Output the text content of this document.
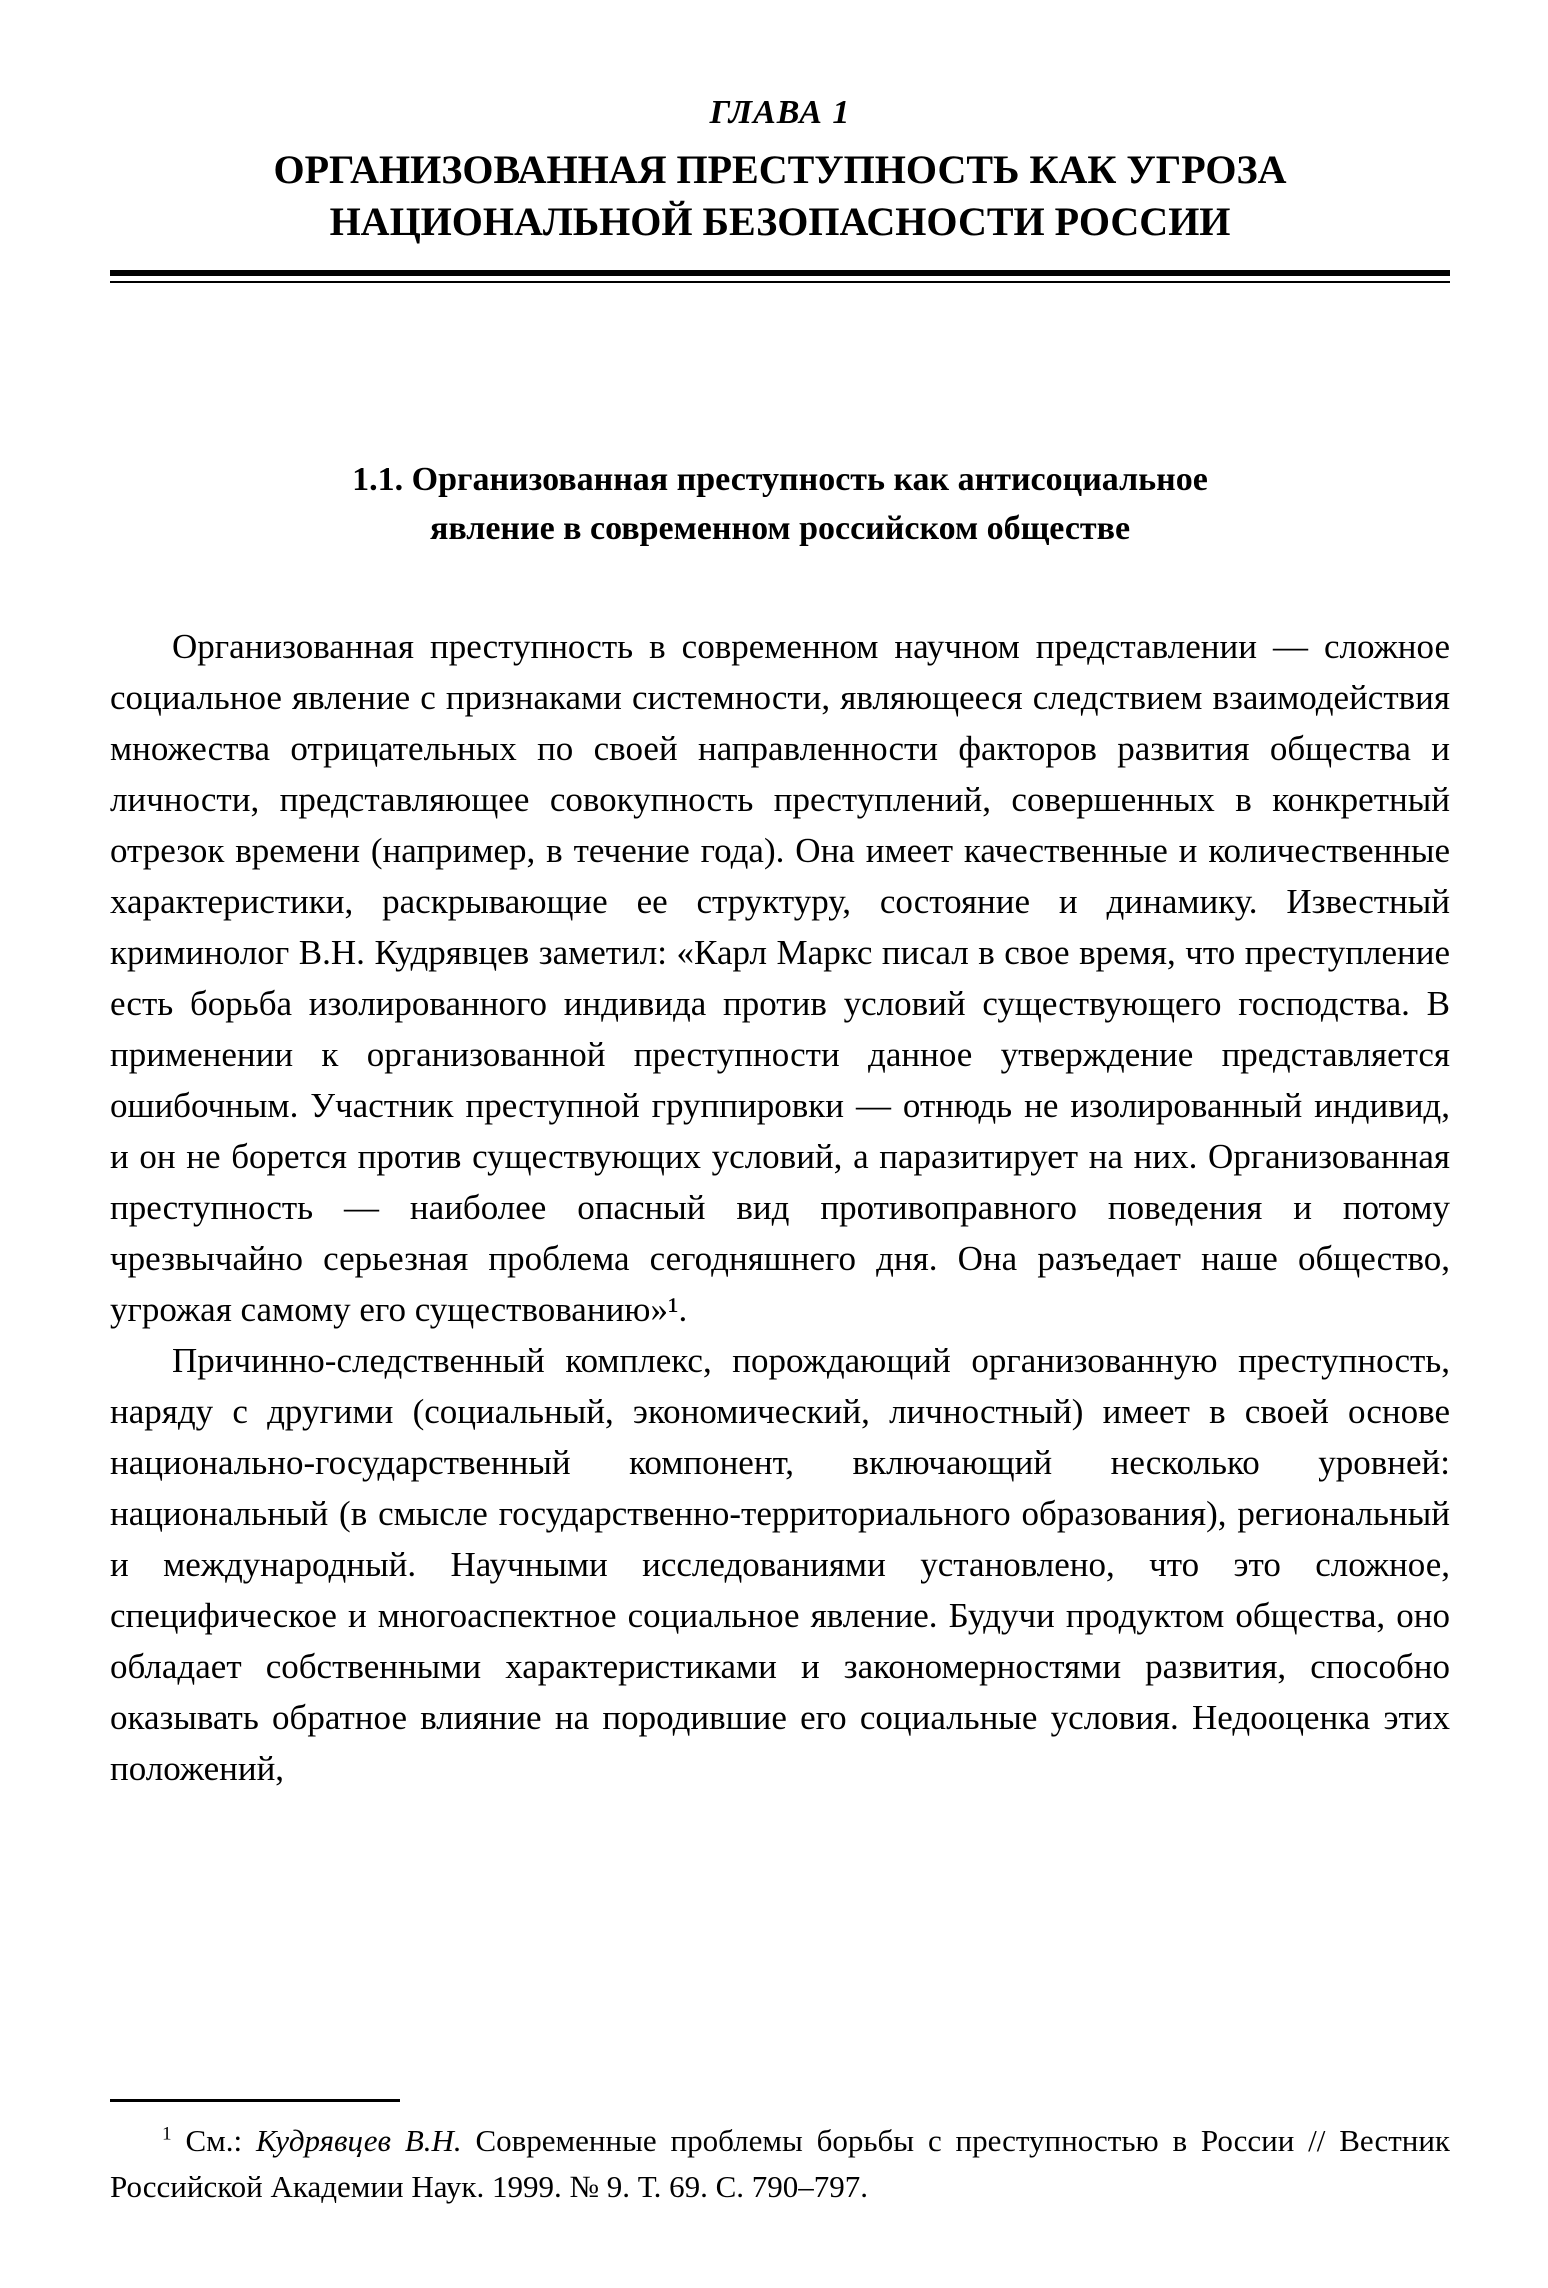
ГЛАВА 1
ОРГАНИЗОВАННАЯ ПРЕСТУПНОСТЬ КАК УГРОЗА
НАЦИОНАЛЬНОЙ БЕЗОПАСНОСТИ РОССИИ
1.1. Организованная преступность как антисоциальное
явление в современном российском обществе

Организованная преступность в современном научном представлении — сложное социальное явление с признаками системности, являющееся следствием взаимодействия множества отрицательных по своей направленности факторов развития общества и личности, представляющее совокупность преступлений, совершенных в конкретный отрезок времени (например, в течение года). Она имеет качественные и количественные характеристики, раскрывающие ее структуру, состояние и динамику. Известный криминолог В.Н. Кудрявцев заметил: «Карл Маркс писал в свое время, что преступление есть борьба изолированного индивида против условий существующего господства. В применении к организованной преступности данное утверждение представляется ошибочным. Участник преступной группировки — отнюдь не изолированный индивид, и он не борется против существующих условий, а паразитирует на них. Организованная преступность — наиболее опасный вид противоправного поведения и потому чрезвычайно серьезная проблема сегодняшнего дня. Она разъедает наше общество, угрожая самому его существованию»¹.

Причинно-следственный комплекс, порождающий организованную преступность, наряду с другими (социальный, экономический, личностный) имеет в своей основе национально-государственный компонент, включающий несколько уровней: национальный (в смысле государственно-территориального образования), региональный и международный. Научными исследованиями установлено, что это сложное, специфическое и многоаспектное социальное явление. Будучи продуктом общества, оно обладает собственными характеристиками и закономерностями развития, способно оказывать обратное влияние на породившие его социальные условия. Недооценка этих положений,

$^1$ См.: Кудрявцев В.Н. Современные проблемы борьбы с преступностью в России // Вестник Российской Академии Наук. 1999. № 9. Т. 69. С. 790–797.
